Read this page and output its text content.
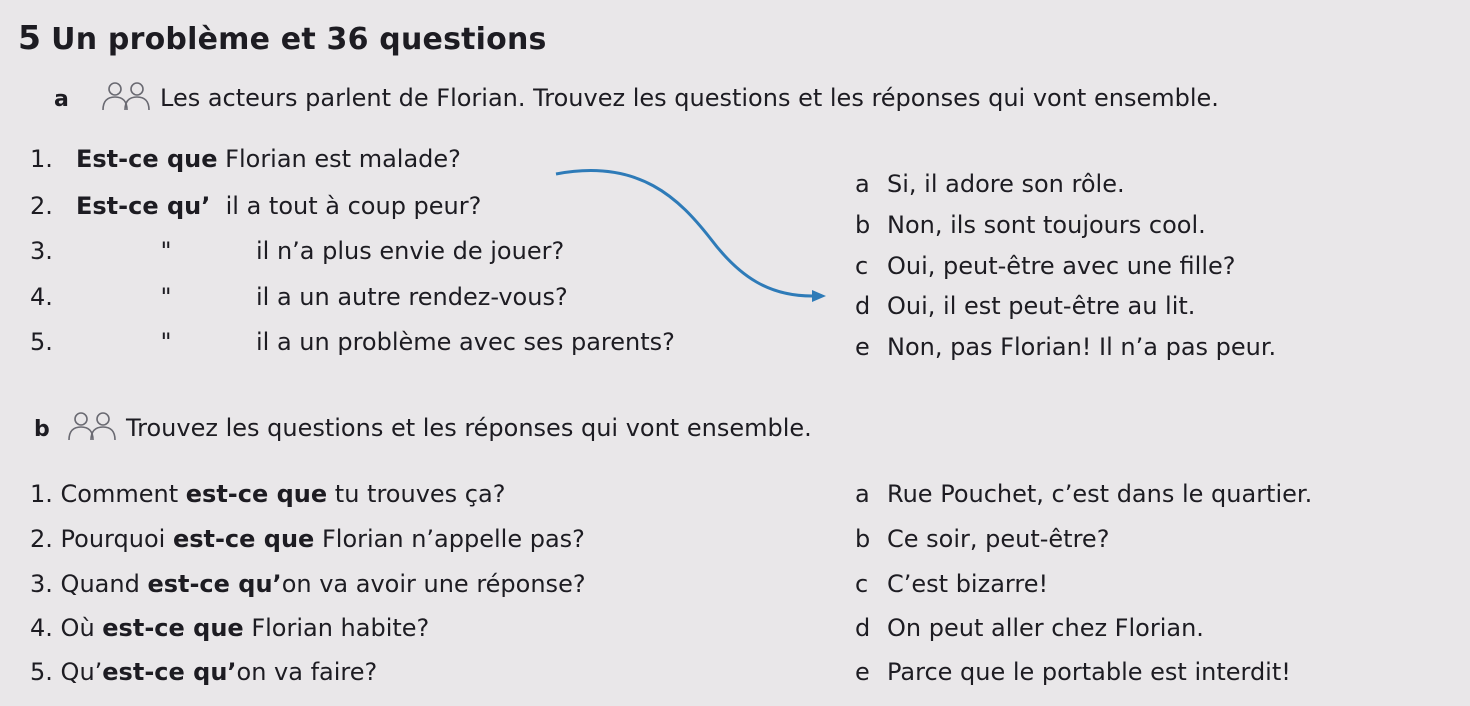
5 Un problème et 36 questions
a	Les acteurs parlent de Florian. Trouvez les questions et les réponses qui vont ensemble.
1. Est-ce que Florian est malade?
2. Est-ce qu’ il a tout à coup peur?
3.	"	il n’a plus envie de jouer?
4.	"	il a un autre rendez-vous?
5.	"	il a un problème avec ses parents?
a Si, il adore son rôle.
b Non, ils sont toujours cool.
c Oui, peut-être avec une fille?
d Oui, il est peut-être au lit.
e Non, pas Florian! Il n’a pas peur.
b	Trouvez les questions et les réponses qui vont ensemble.
1. Comment est-ce que tu trouves ça?
2. Pourquoi est-ce que Florian n’appelle pas?
3. Quand est-ce qu’on va avoir une réponse?
4. Où est-ce que Florian habite?
5. Qu’est-ce qu’on va faire?
a Rue Pouchet, c’est dans le quartier.
b Ce soir, peut-être?
c C’est bizarre!
d On peut aller chez Florian.
e Parce que le portable est interdit!
